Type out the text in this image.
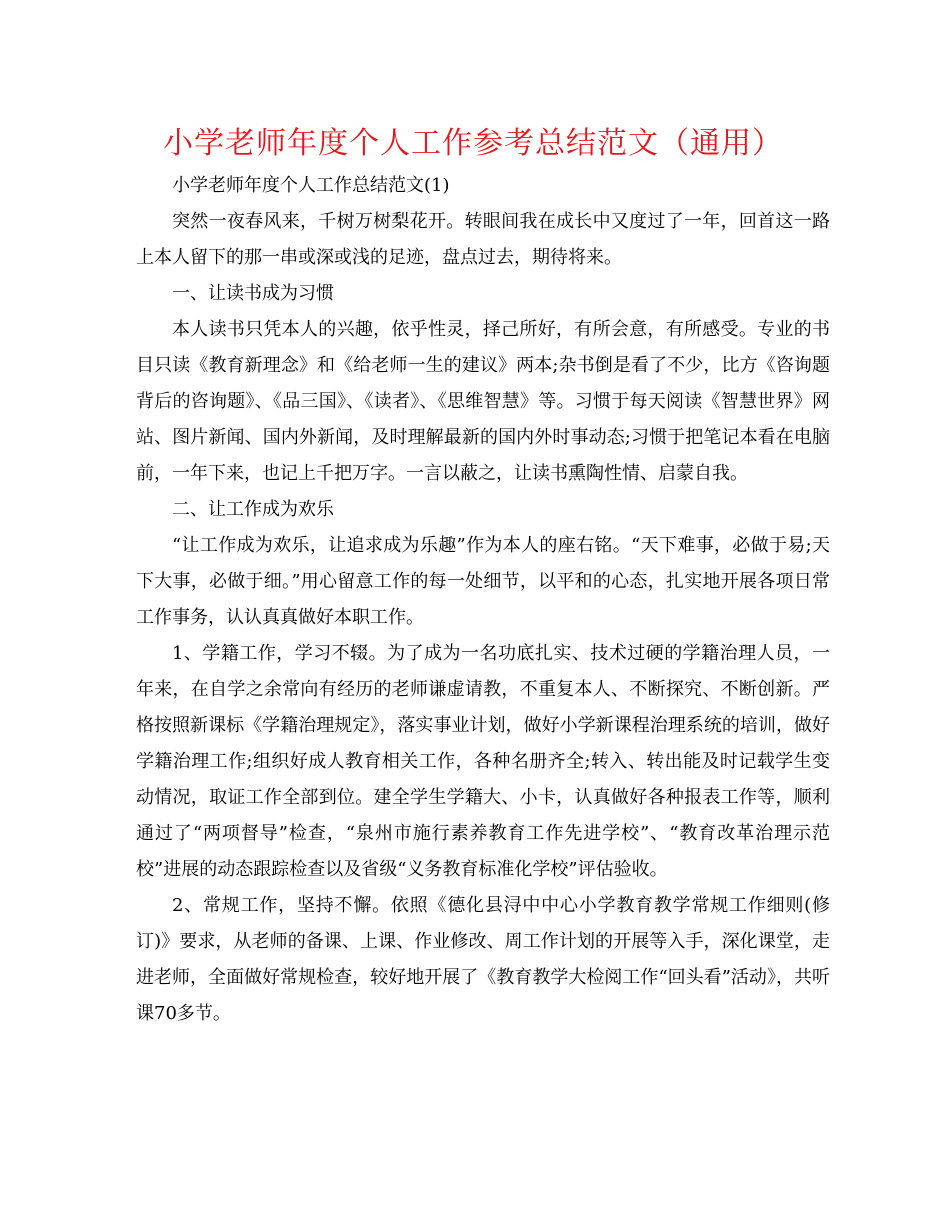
小学老师年度个人工作参考总结范文（通用）

小学老师年度个人工作总结范文(1)

突然一夜春风来，千树万树梨花开。转眼间我在成长中又度过了一年，回首这一路上本人留下的那一串或深或浅的足迹，盘点过去，期待将来。

一、让读书成为习惯

本人读书只凭本人的兴趣，依乎性灵，择己所好，有所会意，有所感受。专业的书目只读《教育新理念》和《给老师一生的建议》两本;杂书倒是看了不少，比方《咨询题背后的咨询题》、《品三国》、《读者》、《思维智慧》等。习惯于每天阅读《智慧世界》网站、图片新闻、国内外新闻，及时理解最新的国内外时事动态;习惯于把笔记本看在电脑前，一年下来，也记上千把万字。一言以蔽之，让读书熏陶性情、启蒙自我。

二、让工作成为欢乐

“让工作成为欢乐，让追求成为乐趣”作为本人的座右铭。“天下难事，必做于易;天下大事，必做于细。”用心留意工作的每一处细节，以平和的心态，扎实地开展各项日常工作事务，认认真真做好本职工作。

1、学籍工作，学习不辍。为了成为一名功底扎实、技术过硬的学籍治理人员，一年来，在自学之余常向有经历的老师谦虚请教，不重复本人、不断探究、不断创新。严格按照新课标《学籍治理规定》，落实事业计划，做好小学新课程治理系统的培训，做好学籍治理工作;组织好成人教育相关工作，各种名册齐全;转入、转出能及时记载学生变动情况，取证工作全部到位。建全学生学籍大、小卡，认真做好各种报表工作等，顺利通过了“两项督导”检查，“泉州市施行素养教育工作先进学校”、“教育改革治理示范校”进展的动态跟踪检查以及省级“义务教育标准化学校”评估验收。

2、常规工作，坚持不懈。依照《德化县浔中中心小学教育教学常规工作细则(修订)》要求，从老师的备课、上课、作业修改、周工作计划的开展等入手，深化课堂，走进老师，全面做好常规检查，较好地开展了《教育教学大检阅工作“回头看”活动》，共听课70多节。
